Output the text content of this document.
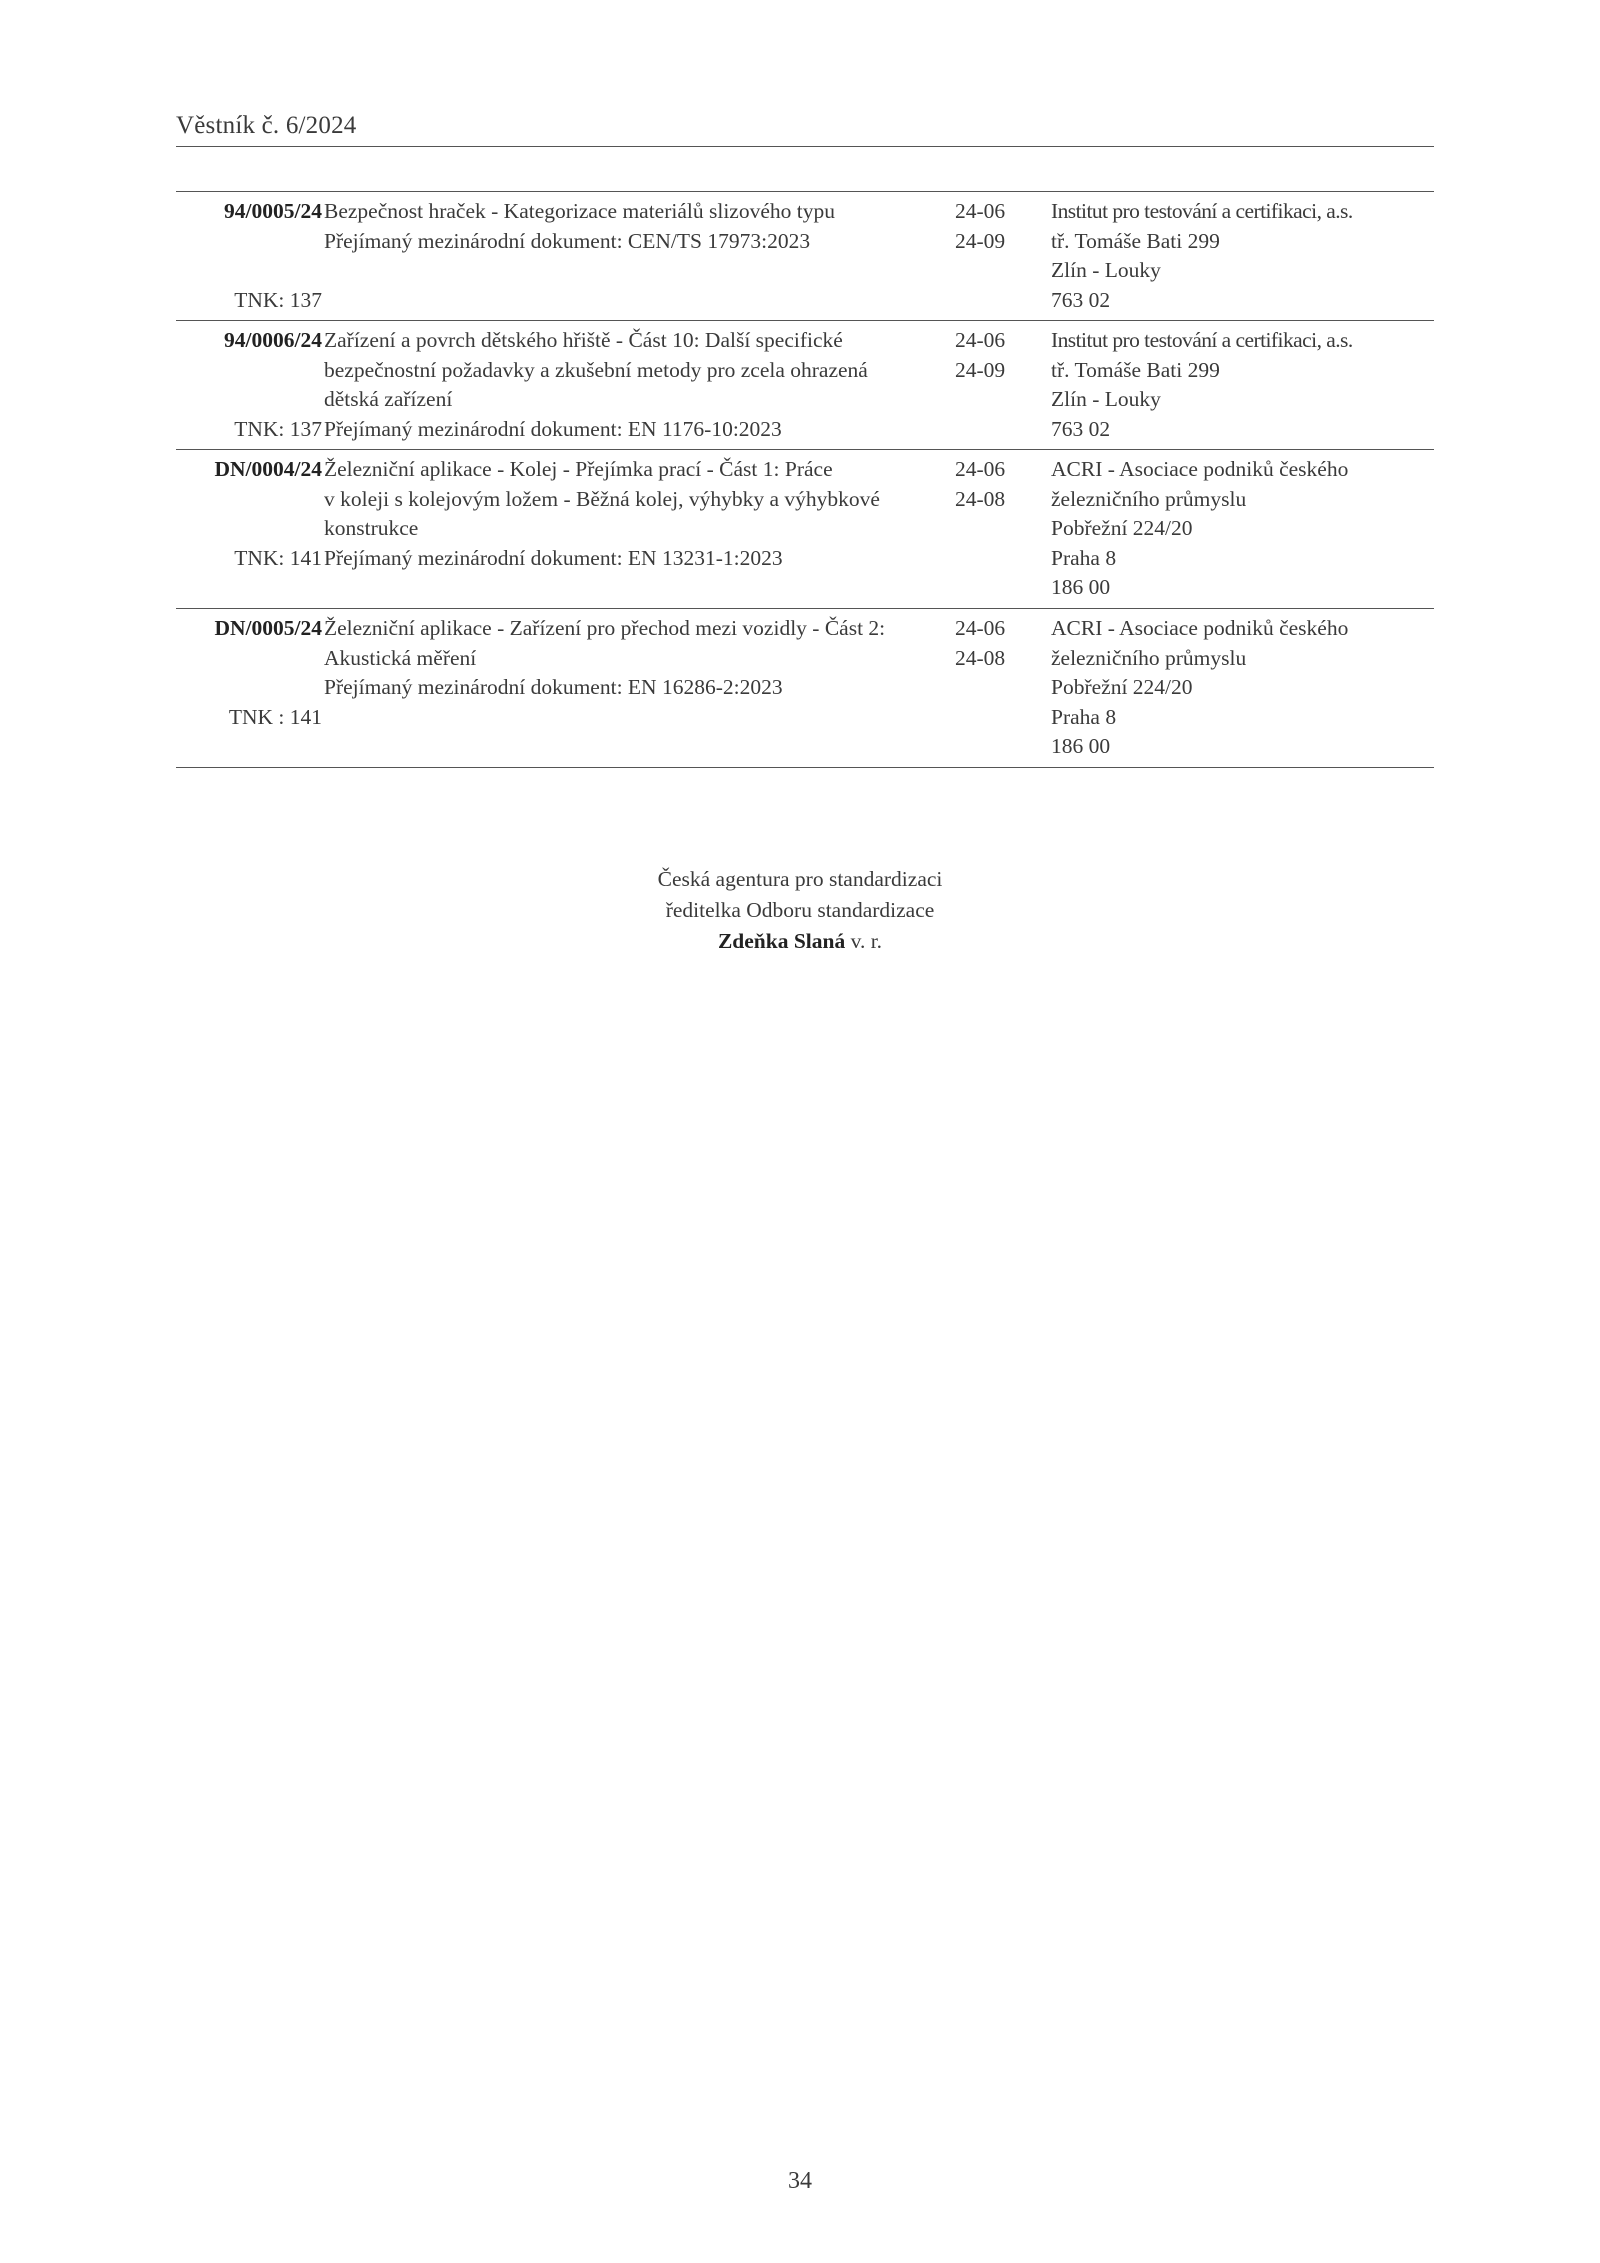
Věstník č. 6/2024
94/0005/24
TNK: 137
Bezpečnost hraček - Kategorizace materiálů slizového typu
Přejímaný mezinárodní dokument: CEN/TS 17973:2023
24-06
24-09
Institut pro testování a certifikaci, a.s.
tř. Tomáše Bati 299
Zlín - Louky
763 02
94/0006/24
TNK: 137
Zařízení a povrch dětského hřiště - Část 10: Další specifické
bezpečnostní požadavky a zkušební metody pro zcela ohrazená
dětská zařízení
Přejímaný mezinárodní dokument: EN 1176-10:2023
24-06
24-09
Institut pro testování a certifikaci, a.s.
tř. Tomáše Bati 299
Zlín - Louky
763 02
DN/0004/24
TNK: 141
Železniční aplikace - Kolej - Přejímka prací - Část 1: Práce
v koleji s kolejovým ložem - Běžná kolej, výhybky a výhybkové
konstrukce
Přejímaný mezinárodní dokument: EN 13231-1:2023
24-06
24-08
ACRI - Asociace podniků českého
železničního průmyslu
Pobřežní 224/20
Praha 8
186 00
DN/0005/24
TNK : 141
Železniční aplikace - Zařízení pro přechod mezi vozidly - Část 2:
Akustická měření
Přejímaný mezinárodní dokument: EN 16286-2:2023
24-06
24-08
ACRI - Asociace podniků českého
železničního průmyslu
Pobřežní 224/20
Praha 8
186 00
Česká agentura pro standardizaci
ředitelka Odboru standardizace
Zdeňka Slaná v. r.
34
